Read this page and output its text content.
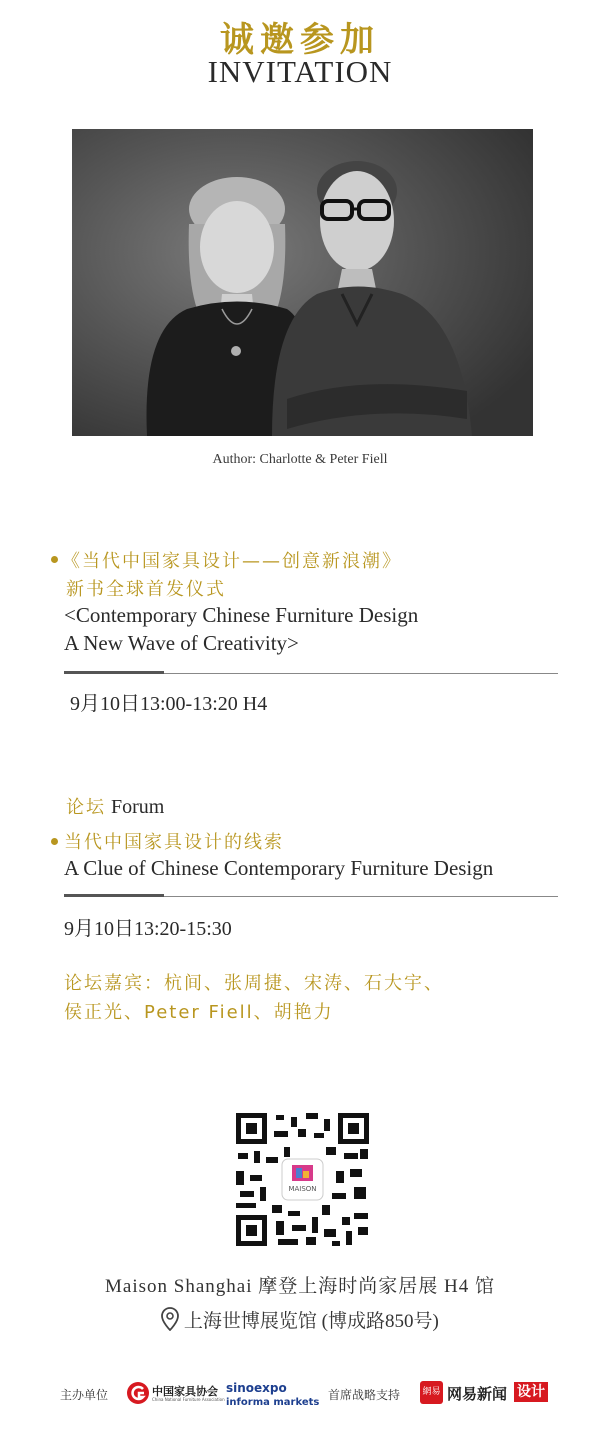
诚邀参加
INVITATION
Author: Charlotte & Peter Fiell
《当代中国家具设计——创意新浪潮》
新书全球首发仪式
<Contemporary Chinese Furniture Design
A New Wave of Creativity>
9月10日13:00-13:20 H4
论坛 Forum
当代中国家具设计的线索
A Clue of Chinese Contemporary Furniture Design
9月10日13:20-15:30
论坛嘉宾：杭间、张周捷、宋涛、石大宇、
侯正光、Peter Fiell、胡艳力
MAISON
Maison Shanghai 摩登上海时尚家居展 H4 馆
上海世博展览馆 (博成路850号)
主办单位	中国家具协会
China National Furniture Association
sinoexpo
informa markets
首席战略支持 網易 网易新闻 设计
